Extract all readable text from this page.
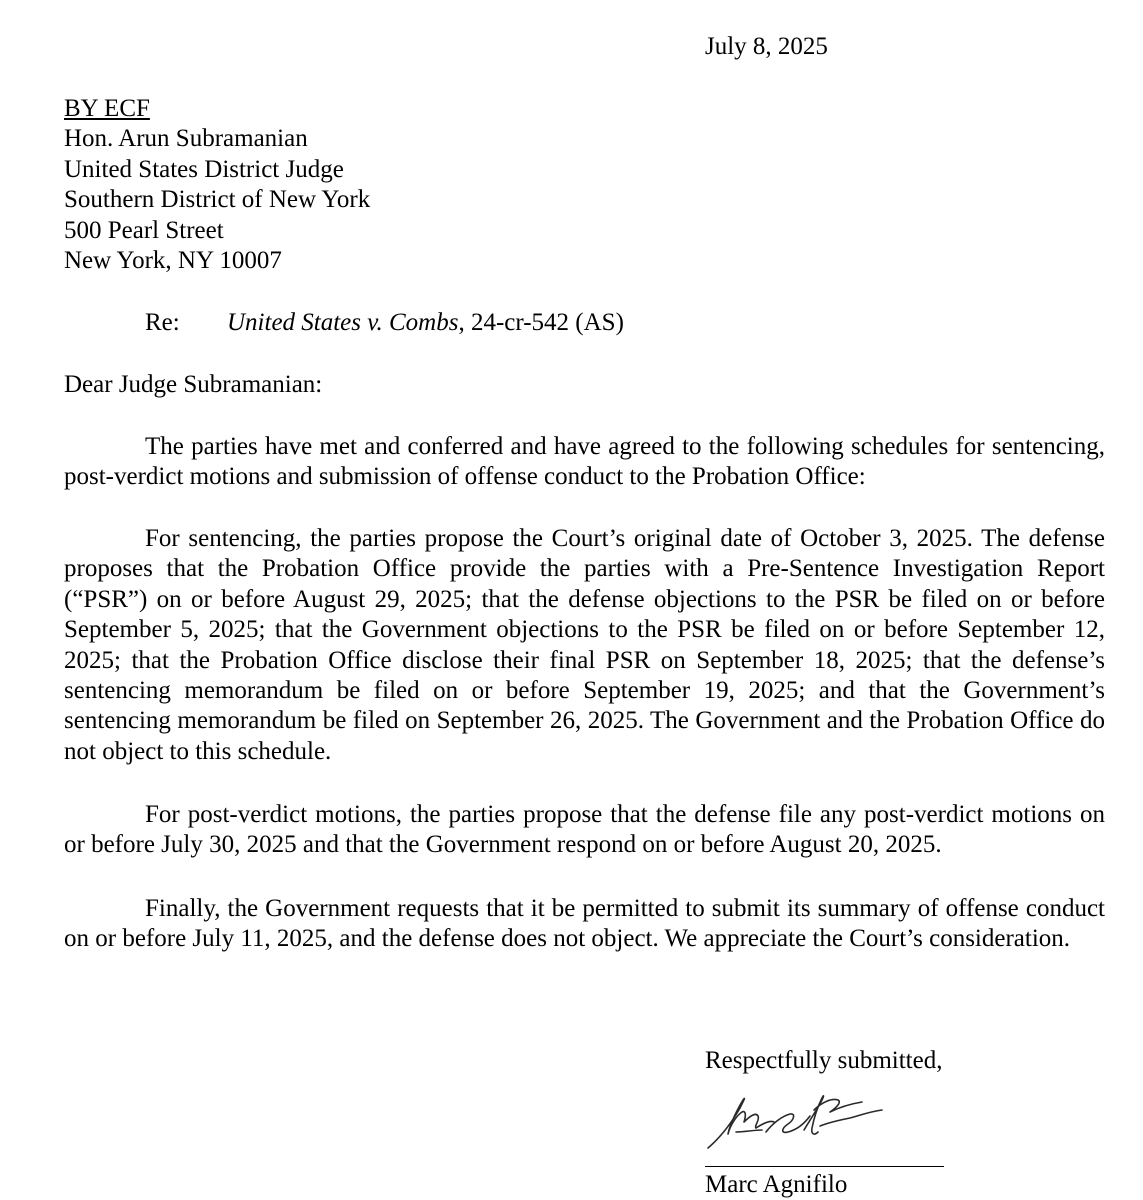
July 8, 2025
BY ECF
Hon. Arun Subramanian
United States District Judge
Southern District of New York
500 Pearl Street
New York, NY 10007
Re: United States v. Combs, 24-cr-542 (AS)
Dear Judge Subramanian:

The parties have met and conferred and have agreed to the following schedules for sentencing, post-verdict motions and submission of offense conduct to the Probation Office:

For sentencing, the parties propose the Court’s original date of October 3, 2025. The defense proposes that the Probation Office provide the parties with a Pre-Sentence Investigation Report (“PSR”) on or before August 29, 2025; that the defense objections to the PSR be filed on or before September 5, 2025; that the Government objections to the PSR be filed on or before September 12, 2025; that the Probation Office disclose their final PSR on September 18, 2025; that the defense’s sentencing memorandum be filed on or before September 19, 2025; and that the Government’s sentencing memorandum be filed on September 26, 2025. The Government and the Probation Office do not object to this schedule.

For post-verdict motions, the parties propose that the defense file any post-verdict motions on or before July 30, 2025 and that the Government respond on or before August 20, 2025.

Finally, the Government requests that it be permitted to submit its summary of offense conduct on or before July 11, 2025, and the defense does not object. We appreciate the Court’s consideration.

Respectfully submitted,
Marc Agnifilo
